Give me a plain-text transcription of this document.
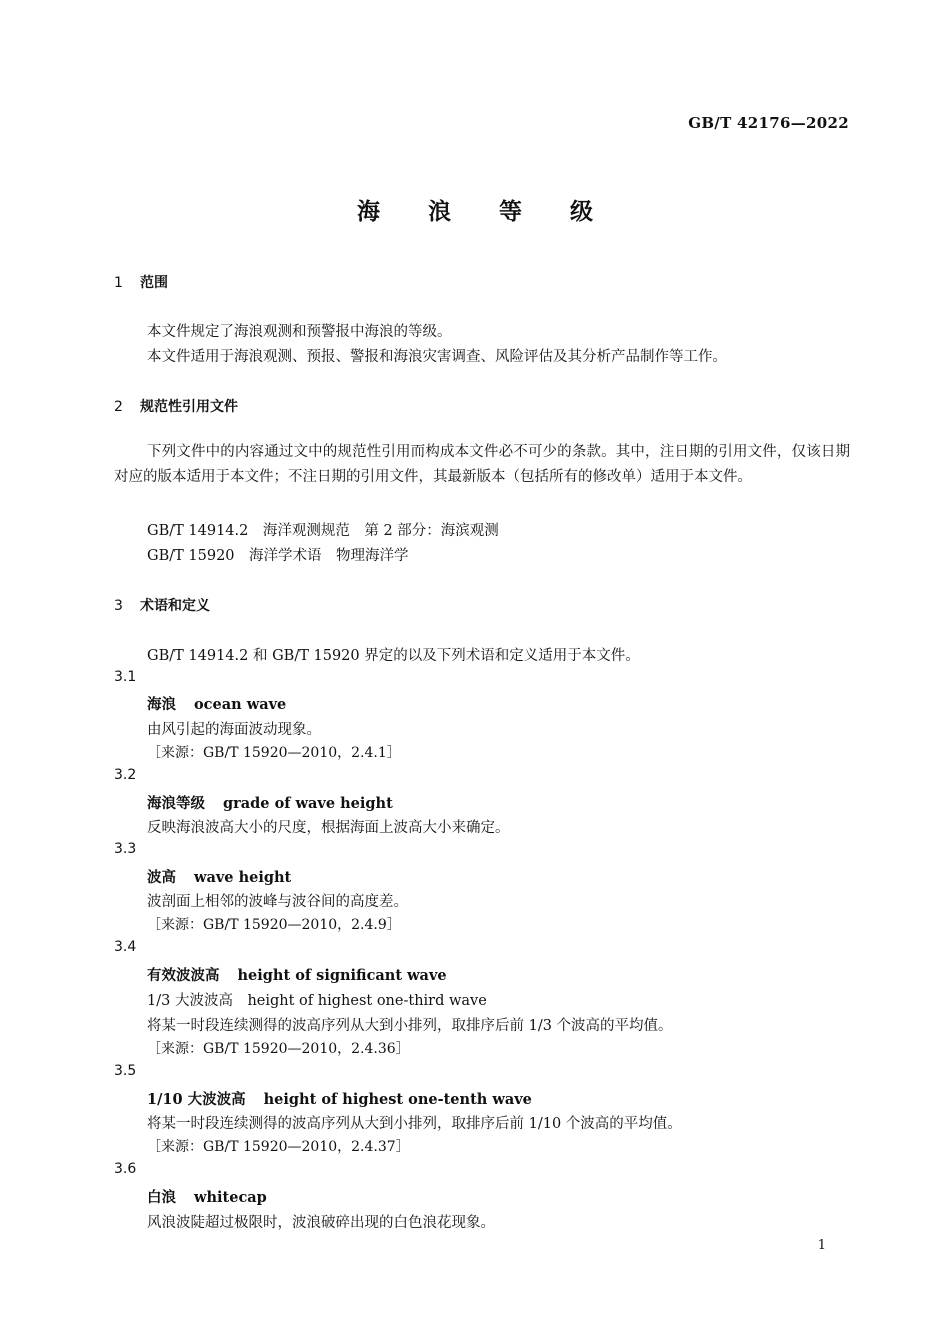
GB/T 42176—2022
海 浪 等 级
1 范围
本文件规定了海浪观测和预警报中海浪的等级。
本文件适用于海浪观测、预报、警报和海浪灾害调查、风险评估及其分析产品制作等工作。
2 规范性引用文件
下列文件中的内容通过文中的规范性引用而构成本文件必不可少的条款。其中，注日期的引用文件，仅该日期对应的版本适用于本文件；不注日期的引用文件，其最新版本（包括所有的修改单）适用于本文件。
GB/T 14914.2　海洋观测规范　第 2 部分：海滨观测
GB/T 15920　海洋学术语　物理海洋学
3 术语和定义
GB/T 14914.2 和 GB/T 15920 界定的以及下列术语和定义适用于本文件。
3.1
海浪 ocean wave
由风引起的海面波动现象。
［来源：GB/T 15920—2010，2.4.1］
3.2
海浪等级 grade of wave height
反映海浪波高大小的尺度，根据海面上波高大小来确定。
3.3
波高 wave height
波剖面上相邻的波峰与波谷间的高度差。
［来源：GB/T 15920—2010，2.4.9］
3.4
有效波波高 height of significant wave
1/3 大波波高　height of highest one-third wave
将某一时段连续测得的波高序列从大到小排列，取排序后前 1/3 个波高的平均值。
［来源：GB/T 15920—2010，2.4.36］
3.5
1/10 大波波高 height of highest one-tenth wave
将某一时段连续测得的波高序列从大到小排列，取排序后前 1/10 个波高的平均值。
［来源：GB/T 15920—2010，2.4.37］
3.6
白浪 whitecap
风浪波陡超过极限时，波浪破碎出现的白色浪花现象。
1
